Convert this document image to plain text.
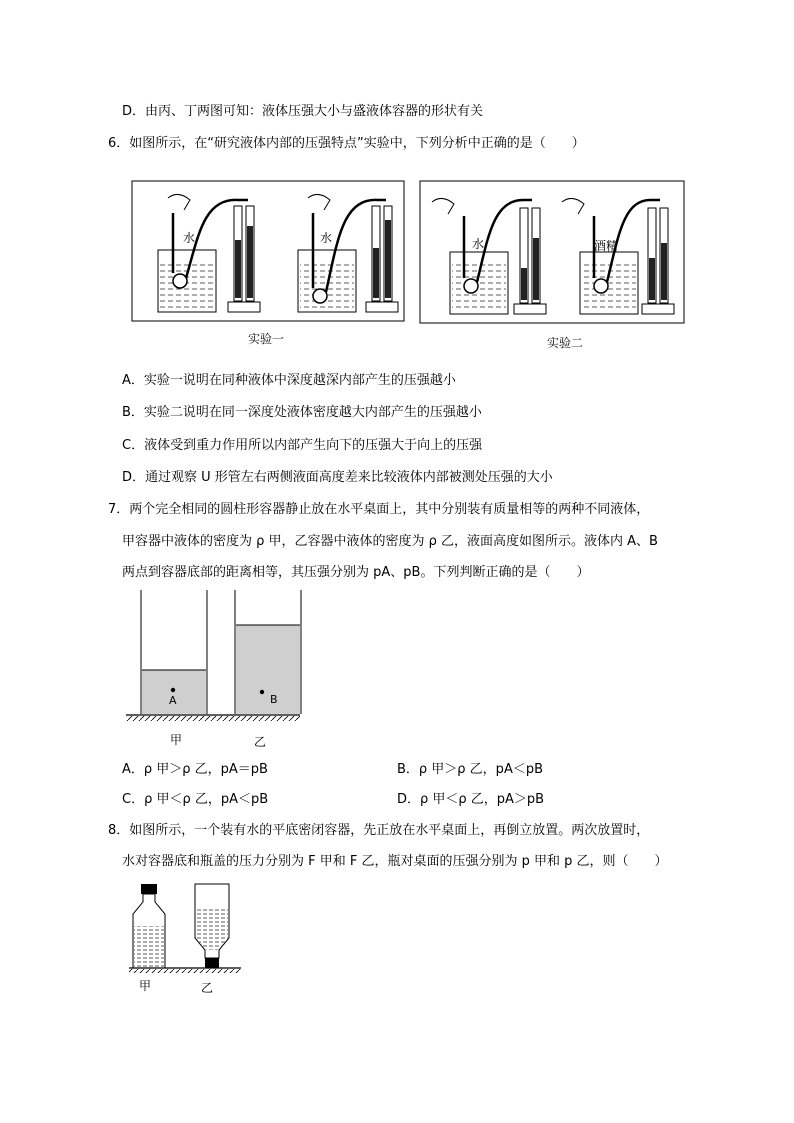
D．由丙、丁两图可知：液体压强大小与盛液体容器的形状有关
6．如图所示，在“研究液体内部的压强特点”实验中，下列分析中正确的是（　　）
水	水	水	酒精
实验一	实验二
A．实验一说明在同种液体中深度越深内部产生的压强越小
B．实验二说明在同一深度处液体密度越大内部产生的压强越小
C．液体受到重力作用所以内部产生向下的压强大于向上的压强
D．通过观察 U 形管左右两侧液面高度差来比较液体内部被测处压强的大小
7．两个完全相同的圆柱形容器静止放在水平桌面上，其中分别装有质量相等的两种不同液体，
甲容器中液体的密度为 ρ 甲，乙容器中液体的密度为 ρ 乙，液面高度如图所示。液体内 A、B
两点到容器底部的距离相等，其压强分别为 pA、pB。下列判断正确的是（　　）
A	B
甲	乙
A．ρ 甲＞ρ 乙，pA＝pB	B．ρ 甲＞ρ 乙，pA＜pB
C．ρ 甲＜ρ 乙，pA＜pB	D．ρ 甲＜ρ 乙，pA＞pB
8．如图所示，一个装有水的平底密闭容器，先正放在水平桌面上，再倒立放置。两次放置时，
水对容器底和瓶盖的压力分别为 F 甲和 F 乙，瓶对桌面的压强分别为 p 甲和 p 乙，则（　　）
甲	乙
